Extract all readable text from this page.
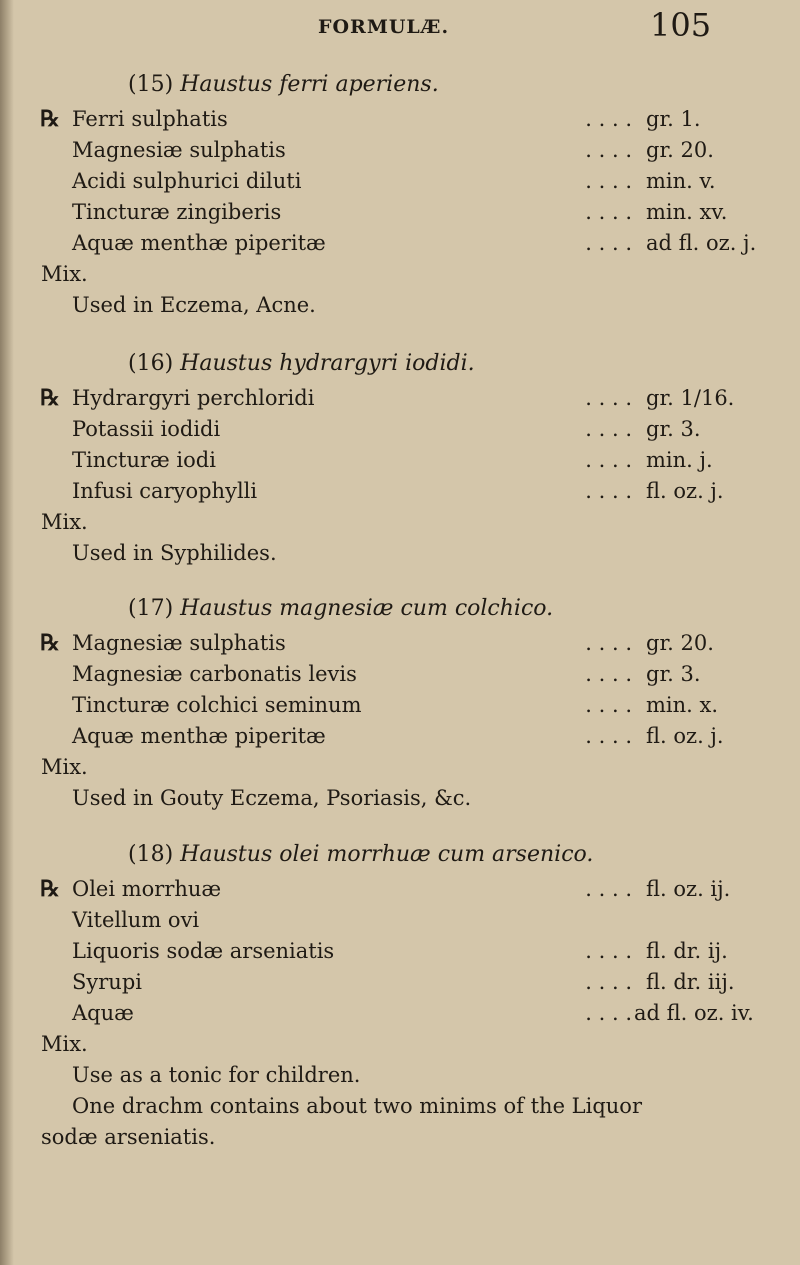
FORMULÆ.	105
(15) Haustus ferri aperiens.
℞ Ferri sulphatis	. . . . gr. 1.
Magnesiæ sulphatis	. . . . gr. 20.
Acidi sulphurici diluti	. . . . min. v.
Tincturæ zingiberis	. . . . min. xv.
Aquæ menthæ piperitæ	. . . . ad fl. oz. j.
Mix.
Used in Eczema, Acne.
(16) Haustus hydrargyri iodidi.
℞ Hydrargyri perchloridi	. . . . gr. 1/16.
Potassii iodidi	. . . . gr. 3.
Tincturæ iodi	. . . . min. j.
Infusi caryophylli	. . . . fl. oz. j.
Mix.
Used in Syphilides.
(17) Haustus magnesiæ cum colchico.
℞ Magnesiæ sulphatis	. . . . gr. 20.
Magnesiæ carbonatis levis	. . . . gr. 3.
Tincturæ colchici seminum	. . . . min. x.
Aquæ menthæ piperitæ	. . . . fl. oz. j.
Mix.
Used in Gouty Eczema, Psoriasis, &c.
(18) Haustus olei morrhuæ cum arsenico.
℞ Olei morrhuæ	. . . . fl. oz. ij.
Vitellum ovi
Liquoris sodæ arseniatis	. . . . fl. dr. ij.
Syrupi	. . . . fl. dr. iij.
Aquæ	. . . . ad fl. oz. iv.
Mix.
Use as a tonic for children.
One drachm contains about two minims of the Liquor
sodæ arseniatis.
